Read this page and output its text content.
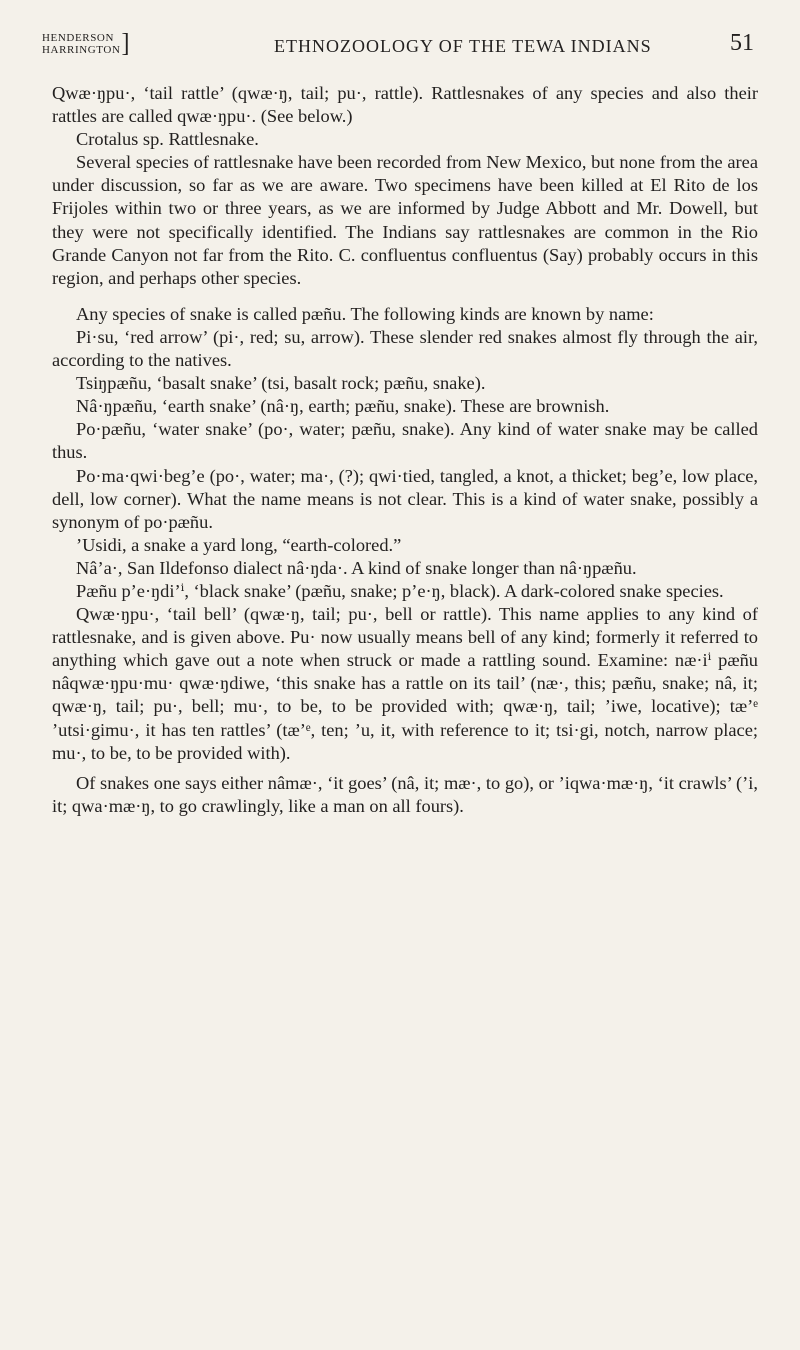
HENDERSON
HARRINGTON ]	ETHNOZOOLOGY OF THE TEWA INDIANS	51

Qwæ·ŋpu·, ‘tail rattle’ (qwæ·ŋ, tail; pu·, rattle). Rattlesnakes of any species and also their rattles are called qwæ·ŋpu·. (See below.)

Crotalus sp. Rattlesnake.

Several species of rattlesnake have been recorded from New Mexico, but none from the area under discussion, so far as we are aware. Two specimens have been killed at El Rito de los Frijoles within two or three years, as we are informed by Judge Abbott and Mr. Dowell, but they were not specifically identified. The Indians say rattlesnakes are common in the Rio Grande Canyon not far from the Rito. C. confluentus confluentus (Say) probably occurs in this region, and perhaps other species.

Any species of snake is called pæñu. The following kinds are known by name:

Pi·su, ‘red arrow’ (pi·, red; su, arrow). These slender red snakes almost fly through the air, according to the natives.

Tsiŋpæñu, ‘basalt snake’ (tsi, basalt rock; pæñu, snake).

Nâ·ŋpæñu, ‘earth snake’ (nâ·ŋ, earth; pæñu, snake). These are brownish.

Po·pæñu, ‘water snake’ (po·, water; pæñu, snake). Any kind of water snake may be called thus.

Po·ma·qwi·beg’e (po·, water; ma·, (?); qwi·tied, tangled, a knot, a thicket; beg’e, low place, dell, low corner). What the name means is not clear. This is a kind of water snake, possibly a synonym of po·pæñu.

’Usidi, a snake a yard long, “earth-colored.”

Nâ’a·, San Ildefonso dialect nâ·ŋda·. A kind of snake longer than nâ·ŋpæñu.

Pæñu p’e·ŋdi’ⁱ, ‘black snake’ (pæñu, snake; p’e·ŋ, black). A dark-colored snake species.

Qwæ·ŋpu·, ‘tail bell’ (qwæ·ŋ, tail; pu·, bell or rattle). This name applies to any kind of rattlesnake, and is given above. Pu· now usually means bell of any kind; formerly it referred to anything which gave out a note when struck or made a rattling sound. Examine: næ·iⁱ pæñu nâqwæ·ŋpu·mu· qwæ·ŋdiwe, ‘this snake has a rattle on its tail’ (næ·, this; pæñu, snake; nâ, it; qwæ·ŋ, tail; pu·, bell; mu·, to be, to be provided with; qwæ·ŋ, tail; ’iwe, locative); tæ’ᵉ ’utsi·gimu·, it has ten rattles’ (tæ’ᵉ, ten; ’u, it, with reference to it; tsi·gi, notch, narrow place; mu·, to be, to be provided with).

Of snakes one says either nâmæ·, ‘it goes’ (nâ, it; mæ·, to go), or ’iqwa·mæ·ŋ, ‘it crawls’ (’i, it; qwa·mæ·ŋ, to go crawlingly, like a man on all fours).
